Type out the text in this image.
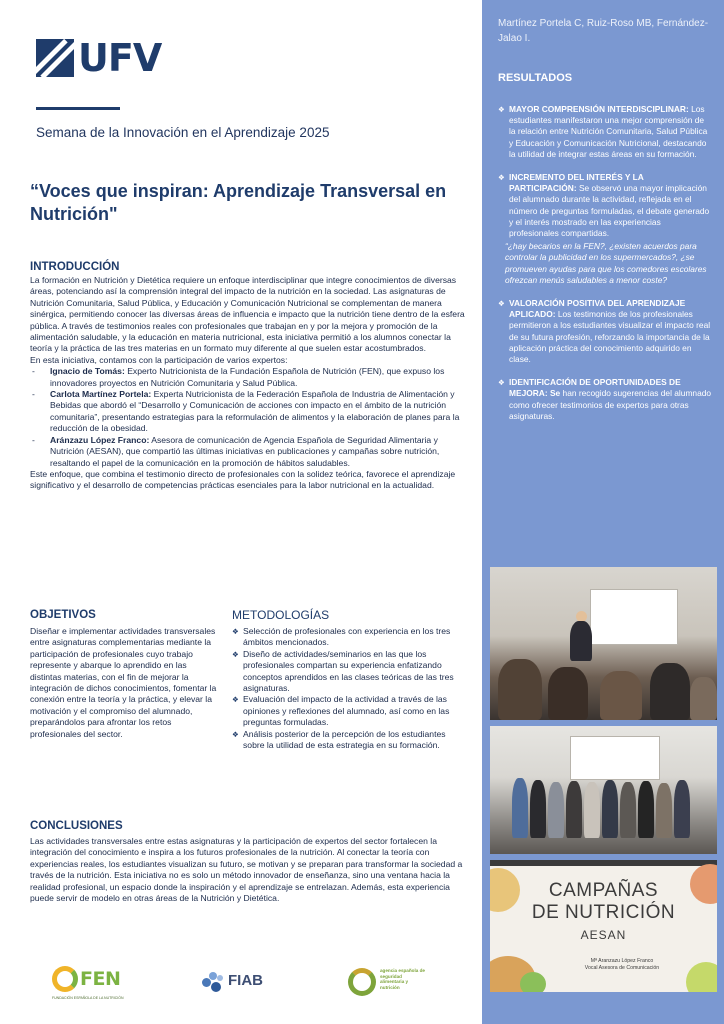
UFV
Semana de la Innovación en el Aprendizaje 2025
“Voces que inspiran: Aprendizaje Transversal en Nutrición"
INTRODUCCIÓN

La formación en Nutrición y Dietética requiere un enfoque interdisciplinar que integre conocimientos de diversas áreas, potenciando así la comprensión integral del impacto de la nutrición en la sociedad. Las asignaturas de Nutrición Comunitaria, Salud Pública, y Educación y Comunicación Nutricional se complementan de manera sinérgica, permitiendo conocer las diversas áreas de influencia e impacto que la nutrición tiene dentro de la esfera pública. A través de testimonios reales con profesionales que trabajan en y por la mejora y promoción de la alimentación saludable, y la educación en materia nutricional, esta iniciativa permitió a los alumnos conectar la teoría y la práctica de las tres materias en un formato muy diferente al que suelen estar acostumbrados.

En esta iniciativa, contamos con la participación de varios expertos:

- Ignacio de Tomás: Experto Nutricionista de la Fundación Española de Nutrición (FEN), que expuso los innovadores proyectos en Nutrición Comunitaria y Salud Pública.
- Carlota Martínez Portela: Experta Nutricionista de la Federación Española de Industria de Alimentación y Bebidas que abordó el “Desarrollo y Comunicación de acciones con impacto en el ámbito de la nutrición comunitaria”, presentando estrategias para la reformulación de alimentos y la elaboración de planes para la reducción de la obesidad.
- Aránzazu López Franco: Asesora de comunicación de Agencia Española de Seguridad Alimentaria y Nutrición (AESAN), que compartió las últimas iniciativas en publicaciones y campañas sobre nutrición, resaltando el papel de la comunicación en la promoción de hábitos saludables.

Este enfoque, que combina el testimonio directo de profesionales con la solidez teórica, favorece el aprendizaje significativo y el desarrollo de competencias prácticas esenciales para la labor nutricional en la actualidad.

OBJETIVOS

Diseñar e implementar actividades transversales entre asignaturas complementarias mediante la participación de profesionales cuyo trabajo represente y abarque lo aprendido en las distintas materias, con el fin de mejorar la integración de dichos conocimientos, fomentar la conexión entre la teoría y la práctica, y elevar la motivación y el compromiso del alumnado, preparándolos para afrontar los retos profesionales del sector.

METODOLOGÍAS
❖ Selección de profesionales con experiencia en los tres ámbitos mencionados.
❖ Diseño de actividades/seminarios en las que los profesionales compartan su experiencia enfatizando conceptos aprendidos en las clases teóricas de las tres asignaturas.
❖ Evaluación del impacto de la actividad a través de las opiniones y reflexiones del alumnado, así como en las preguntas formuladas.
❖ Análisis posterior de la percepción de los estudiantes sobre la utilidad de esta estrategia en su formación.
CONCLUSIONES

Las actividades transversales entre estas asignaturas y la participación de expertos del sector fortalecen la integración del conocimiento e inspira a los futuros profesionales de la nutrición. Al conectar la teoría con experiencias reales, los estudiantes visualizan su futuro, se motivan y se preparan para transformar la sociedad a través de la nutrición. Esta iniciativa no es solo un método innovador de enseñanza, sino una ventana hacia la realidad profesional, un espacio donde la inspiración y el aprendizaje se entrelazan. Además, esta experiencia puede servir de modelo en otras áreas de la Nutrición y Dietética.

FEN
FUNDACIÓN ESPAÑOLA DE LA NUTRICIÓN
FIAB
agencia española de seguridad alimentaria y nutrición
Martínez Portela C, Ruiz-Roso MB, Fernández-Jalao I.
RESULTADOS
❖ MAYOR COMPRENSIÓN INTERDISCIPLINAR: Los estudiantes manifestaron una mejor comprensión de la relación entre Nutrición Comunitaria, Salud Pública y Educación y Comunicación Nutricional, destacando la utilidad de integrar estas áreas en su formación.
❖ INCREMENTO DEL INTERÉS Y LA PARTICIPACIÓN: Se observó una mayor implicación del alumnado durante la actividad, reflejada en el número de preguntas formuladas, el debate generado y el interés mostrado en las experiencias profesionales compartidas.
“¿hay becarios en la FEN?, ¿existen acuerdos para controlar la publicidad en los supermercados?, ¿se promueven ayudas para que los comedores escolares ofrezcan menús saludables a menor coste?
❖ VALORACIÓN POSITIVA DEL APRENDIZAJE APLICADO: Los testimonios de los profesionales permitieron a los estudiantes visualizar el impacto real de su futura profesión, reforzando la importancia de la aplicación práctica del conocimiento adquirido en clase.
❖ IDENTIFICACIÓN DE OPORTUNIDADES DE MEJORA: Se han recogido sugerencias del alumnado como ofrecer testimonios de expertos para otras asignaturas.
CAMPAÑAS
DE NUTRICIÓN
AESAN
Mª Aranzazu López Franco
Vocal Asesora de Comunicación
